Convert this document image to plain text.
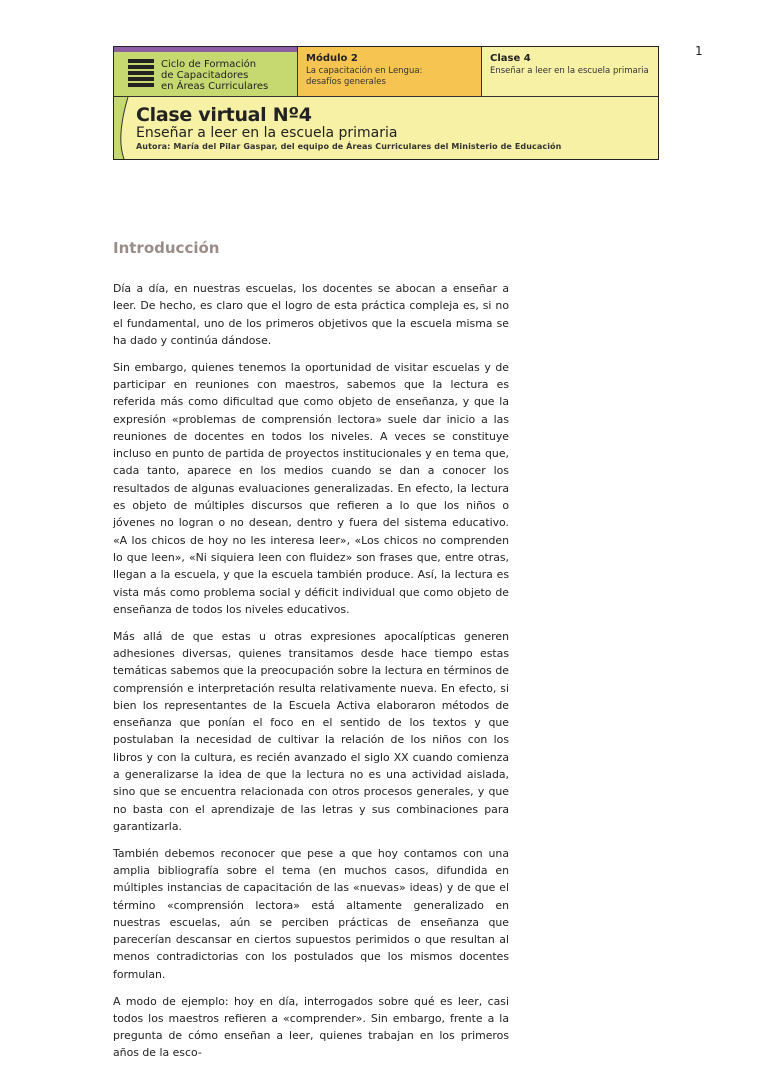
1
Ciclo de Formación
de Capacitadores
en Áreas Curriculares
Módulo 2
La capacitación en Lengua:
desafíos generales
Clase 4
Enseñar a leer en la escuela primaria
Clase virtual Nº4
Enseñar a leer en la escuela primaria
Autora: María del Pilar Gaspar, del equipo de Áreas Curriculares del Ministerio de Educación
Introducción

Día a día, en nuestras escuelas, los docentes se abocan a enseñar a leer. De hecho, es claro que el logro de esta práctica compleja es, si no el fundamental, uno de los primeros objetivos que la escuela misma se ha dado y continúa dándose.

Sin embargo, quienes tenemos la oportunidad de visitar escuelas y de participar en reuniones con maestros, sabemos que la lectura es referida más como dificultad que como objeto de enseñanza, y que la expresión «problemas de comprensión lectora» suele dar inicio a las reuniones de docentes en todos los niveles. A veces se constituye incluso en punto de partida de proyectos institucionales y en tema que, cada tanto, aparece en los medios cuando se dan a conocer los resultados de algunas evaluaciones generalizadas. En efecto, la lectura es objeto de múltiples discursos que refieren a lo que los niños o jóvenes no logran o no desean, dentro y fuera del sistema educativo. «A los chicos de hoy no les interesa leer», «Los chicos no comprenden lo que leen», «Ni siquiera leen con fluidez» son frases que, entre otras, llegan a la escuela, y que la escuela también produce. Así, la lectura es vista más como problema social y déficit individual que como objeto de enseñanza de todos los niveles educativos.

Más allá de que estas u otras expresiones apocalípticas generen adhesiones diversas, quienes transitamos desde hace tiempo estas temáticas sabemos que la preocupación sobre la lectura en términos de comprensión e interpretación resulta relativamente nueva. En efecto, si bien los representantes de la Escuela Activa elaboraron métodos de enseñanza que ponían el foco en el sentido de los textos y que postulaban la necesidad de cultivar la relación de los niños con los libros y con la cultura, es recién avanzado el siglo XX cuando comienza a generalizarse la idea de que la lectura no es una actividad aislada, sino que se encuentra relacionada con otros procesos generales, y que no basta con el aprendizaje de las letras y sus combinaciones para garantizarla.

También debemos reconocer que pese a que hoy contamos con una amplia bibliografía sobre el tema (en muchos casos, difundida en múltiples instancias de capacitación de las «nuevas» ideas) y de que el término «comprensión lectora» está altamente generalizado en nuestras escuelas, aún se perciben prácticas de enseñanza que parecerían descansar en ciertos supuestos perimidos o que resultan al menos contradictorias con los postulados que los mismos docentes formulan.

A modo de ejemplo: hoy en día, interrogados sobre qué es leer, casi todos los maestros refieren a «comprender». Sin embargo, frente a la pregunta de cómo enseñan a leer, quienes trabajan en los primeros años de la esco-
